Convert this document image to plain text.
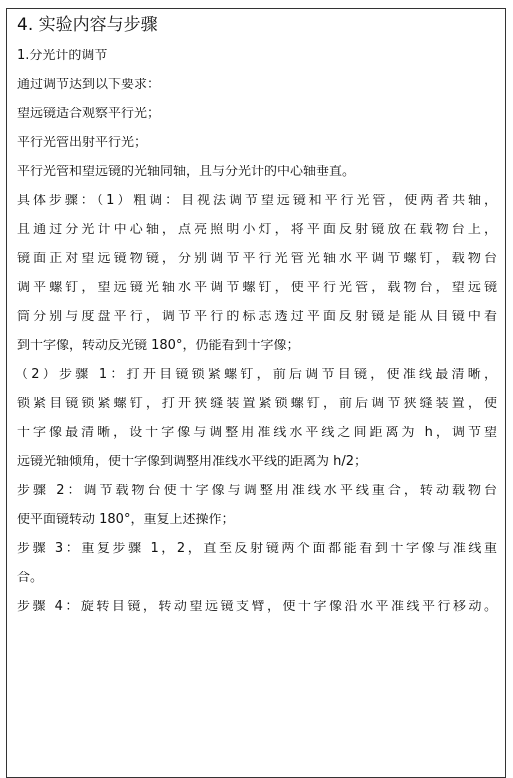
4. 实验内容与步骤
1.分光计的调节
通过调节达到以下要求：
望远镜适合观察平行光；
平行光管出射平行光；
平行光管和望远镜的光轴同轴，且与分光计的中心轴垂直。
具体步骤：（1）粗调：目视法调节望远镜和平行光管，使两者共轴，
且通过分光计中心轴，点亮照明小灯，将平面反射镜放在载物台上，
镜面正对望远镜物镜，分别调节平行光管光轴水平调节螺钉，载物台
调平螺钉，望远镜光轴水平调节螺钉，使平行光管，载物台，望远镜
筒分别与度盘平行，调节平行的标志透过平面反射镜是能从目镜中看
到十字像，转动反光镜 180°，仍能看到十字像；
（2）步骤 1：打开目镜锁紧螺钉，前后调节目镜，使准线最清晰，
锁紧目镜锁紧螺钉，打开狭缝装置紧锁螺钉，前后调节狭缝装置，使
十字像最清晰，设十字像与调整用准线水平线之间距离为 h，调节望
远镜光轴倾角，使十字像到调整用准线水平线的距离为 h/2；
步骤 2：调节载物台使十字像与调整用准线水平线重合，转动载物台
使平面镜转动 180°，重复上述操作；
步骤 3：重复步骤 1，2，直至反射镜两个面都能看到十字像与准线重
合。
步骤 4：旋转目镜，转动望远镜支臂，使十字像沿水平准线平行移动。
